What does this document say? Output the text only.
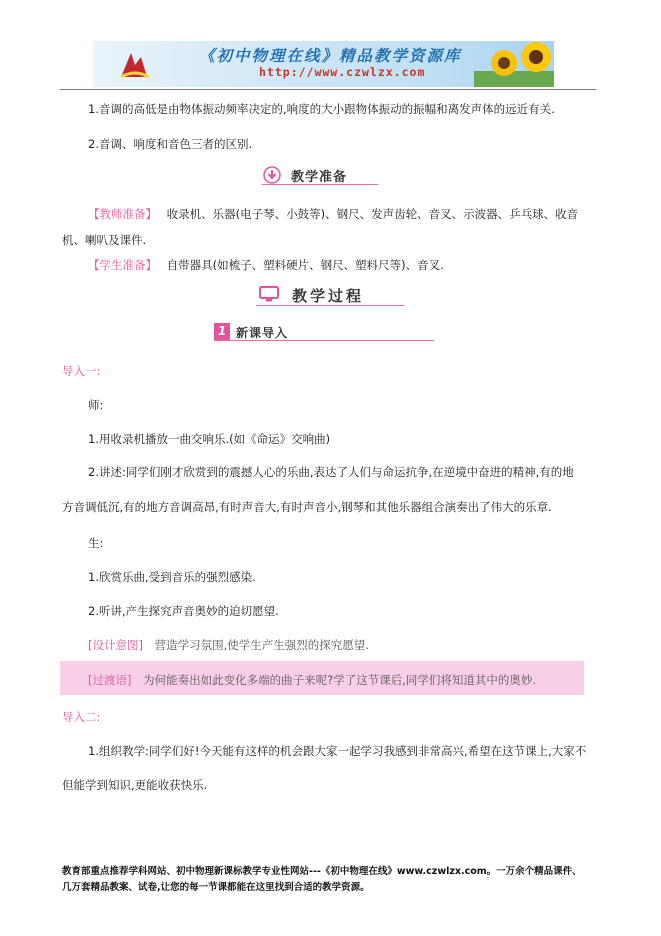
《初中物理在线》精品教学资源库
http://www.czwlzx.com
1.音调的高低是由物体振动频率决定的,响度的大小跟物体振动的振幅和离发声体的远近有关.
2.音调、响度和音色三者的区别.
教学准备
【教师准备】 收录机、乐器(电子琴、小鼓等)、钢尺、发声齿轮、音叉、示波器、乒乓球、收音
机、喇叭及课件.
【学生准备】 自带器具(如梳子、塑料硬片、钢尺、塑料尺等)、音叉.
教学过程
1 新课导入
导入一:
师:
1.用收录机播放一曲交响乐.(如《命运》交响曲)
2.讲述:同学们刚才欣赏到的震撼人心的乐曲,表达了人们与命运抗争,在逆境中奋进的精神,有的地
方音调低沉,有的地方音调高昂,有时声音大,有时声音小,钢琴和其他乐器组合演奏出了伟大的乐章.
生:
1.欣赏乐曲,受到音乐的强烈感染.
2.听讲,产生探究声音奥妙的迫切愿望.
[设计意图] 营造学习氛围,使学生产生强烈的探究愿望.
[过渡语] 为何能奏出如此变化多端的曲子来呢?学了这节课后,同学们将知道其中的奥妙.
导入二:
1.组织教学:同学们好!今天能有这样的机会跟大家一起学习我感到非常高兴,希望在这节课上,大家不
但能学到知识,更能收获快乐.
教育部重点推荐学科网站、初中物理新课标教学专业性网站---《初中物理在线》www.czwlzx.com。一万余个精品课件、
几万套精品教案、试卷,让您的每一节课都能在这里找到合适的教学资源。
